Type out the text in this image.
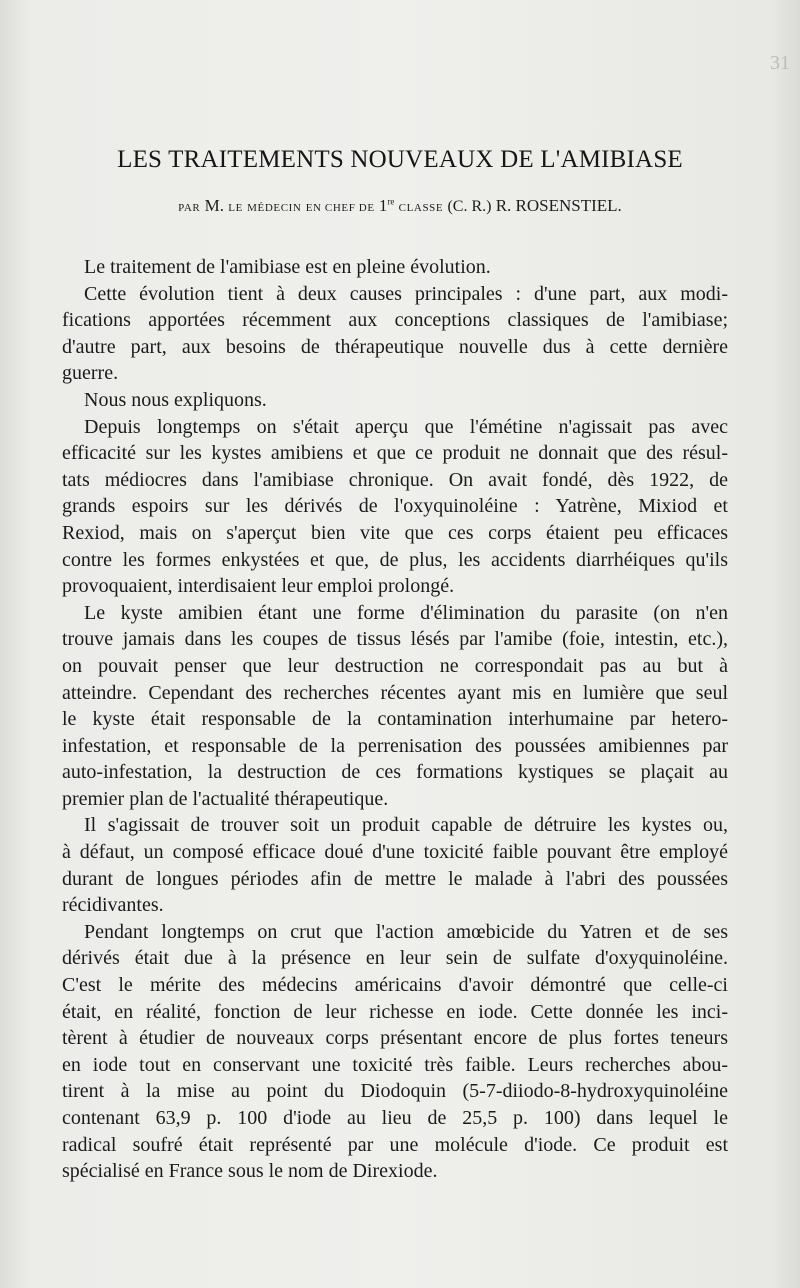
31
LES TRAITEMENTS NOUVEAUX DE L'AMIBIASE
PAR M. LE MÉDECIN EN CHEF DE 1re CLASSE (C. R.) R. ROSENSTIEL.
Le traitement de l'amibiase est en pleine évolution.
Cette évolution tient à deux causes principales : d'une part, aux modi-
fications apportées récemment aux conceptions classiques de l'amibiase;
d'autre part, aux besoins de thérapeutique nouvelle dus à cette dernière
guerre.
Nous nous expliquons.
Depuis longtemps on s'était aperçu que l'émétine n'agissait pas avec
efficacité sur les kystes amibiens et que ce produit ne donnait que des résul-
tats médiocres dans l'amibiase chronique. On avait fondé, dès 1922, de
grands espoirs sur les dérivés de l'oxyquinoléine : Yatrène, Mixiod et
Rexiod, mais on s'aperçut bien vite que ces corps étaient peu efficaces
contre les formes enkystées et que, de plus, les accidents diarrhéiques qu'ils
provoquaient, interdisaient leur emploi prolongé.
Le kyste amibien étant une forme d'élimination du parasite (on n'en
trouve jamais dans les coupes de tissus lésés par l'amibe (foie, intestin, etc.),
on pouvait penser que leur destruction ne correspondait pas au but à
atteindre. Cependant des recherches récentes ayant mis en lumière que seul
le kyste était responsable de la contamination interhumaine par hetero-
infestation, et responsable de la perrenisation des poussées amibiennes par
auto-infestation, la destruction de ces formations kystiques se plaçait au
premier plan de l'actualité thérapeutique.
Il s'agissait de trouver soit un produit capable de détruire les kystes ou,
à défaut, un composé efficace doué d'une toxicité faible pouvant être employé
durant de longues périodes afin de mettre le malade à l'abri des poussées
récidivantes.
Pendant longtemps on crut que l'action amœbicide du Yatren et de ses
dérivés était due à la présence en leur sein de sulfate d'oxyquinoléine.
C'est le mérite des médecins américains d'avoir démontré que celle-ci
était, en réalité, fonction de leur richesse en iode. Cette donnée les inci-
tèrent à étudier de nouveaux corps présentant encore de plus fortes teneurs
en iode tout en conservant une toxicité très faible. Leurs recherches abou-
tirent à la mise au point du Diodoquin (5-7-diiodo-8-hydroxyquinoléine
contenant 63,9 p. 100 d'iode au lieu de 25,5 p. 100) dans lequel le
radical soufré était représenté par une molécule d'iode. Ce produit est
spécialisé en France sous le nom de Direxiode.
